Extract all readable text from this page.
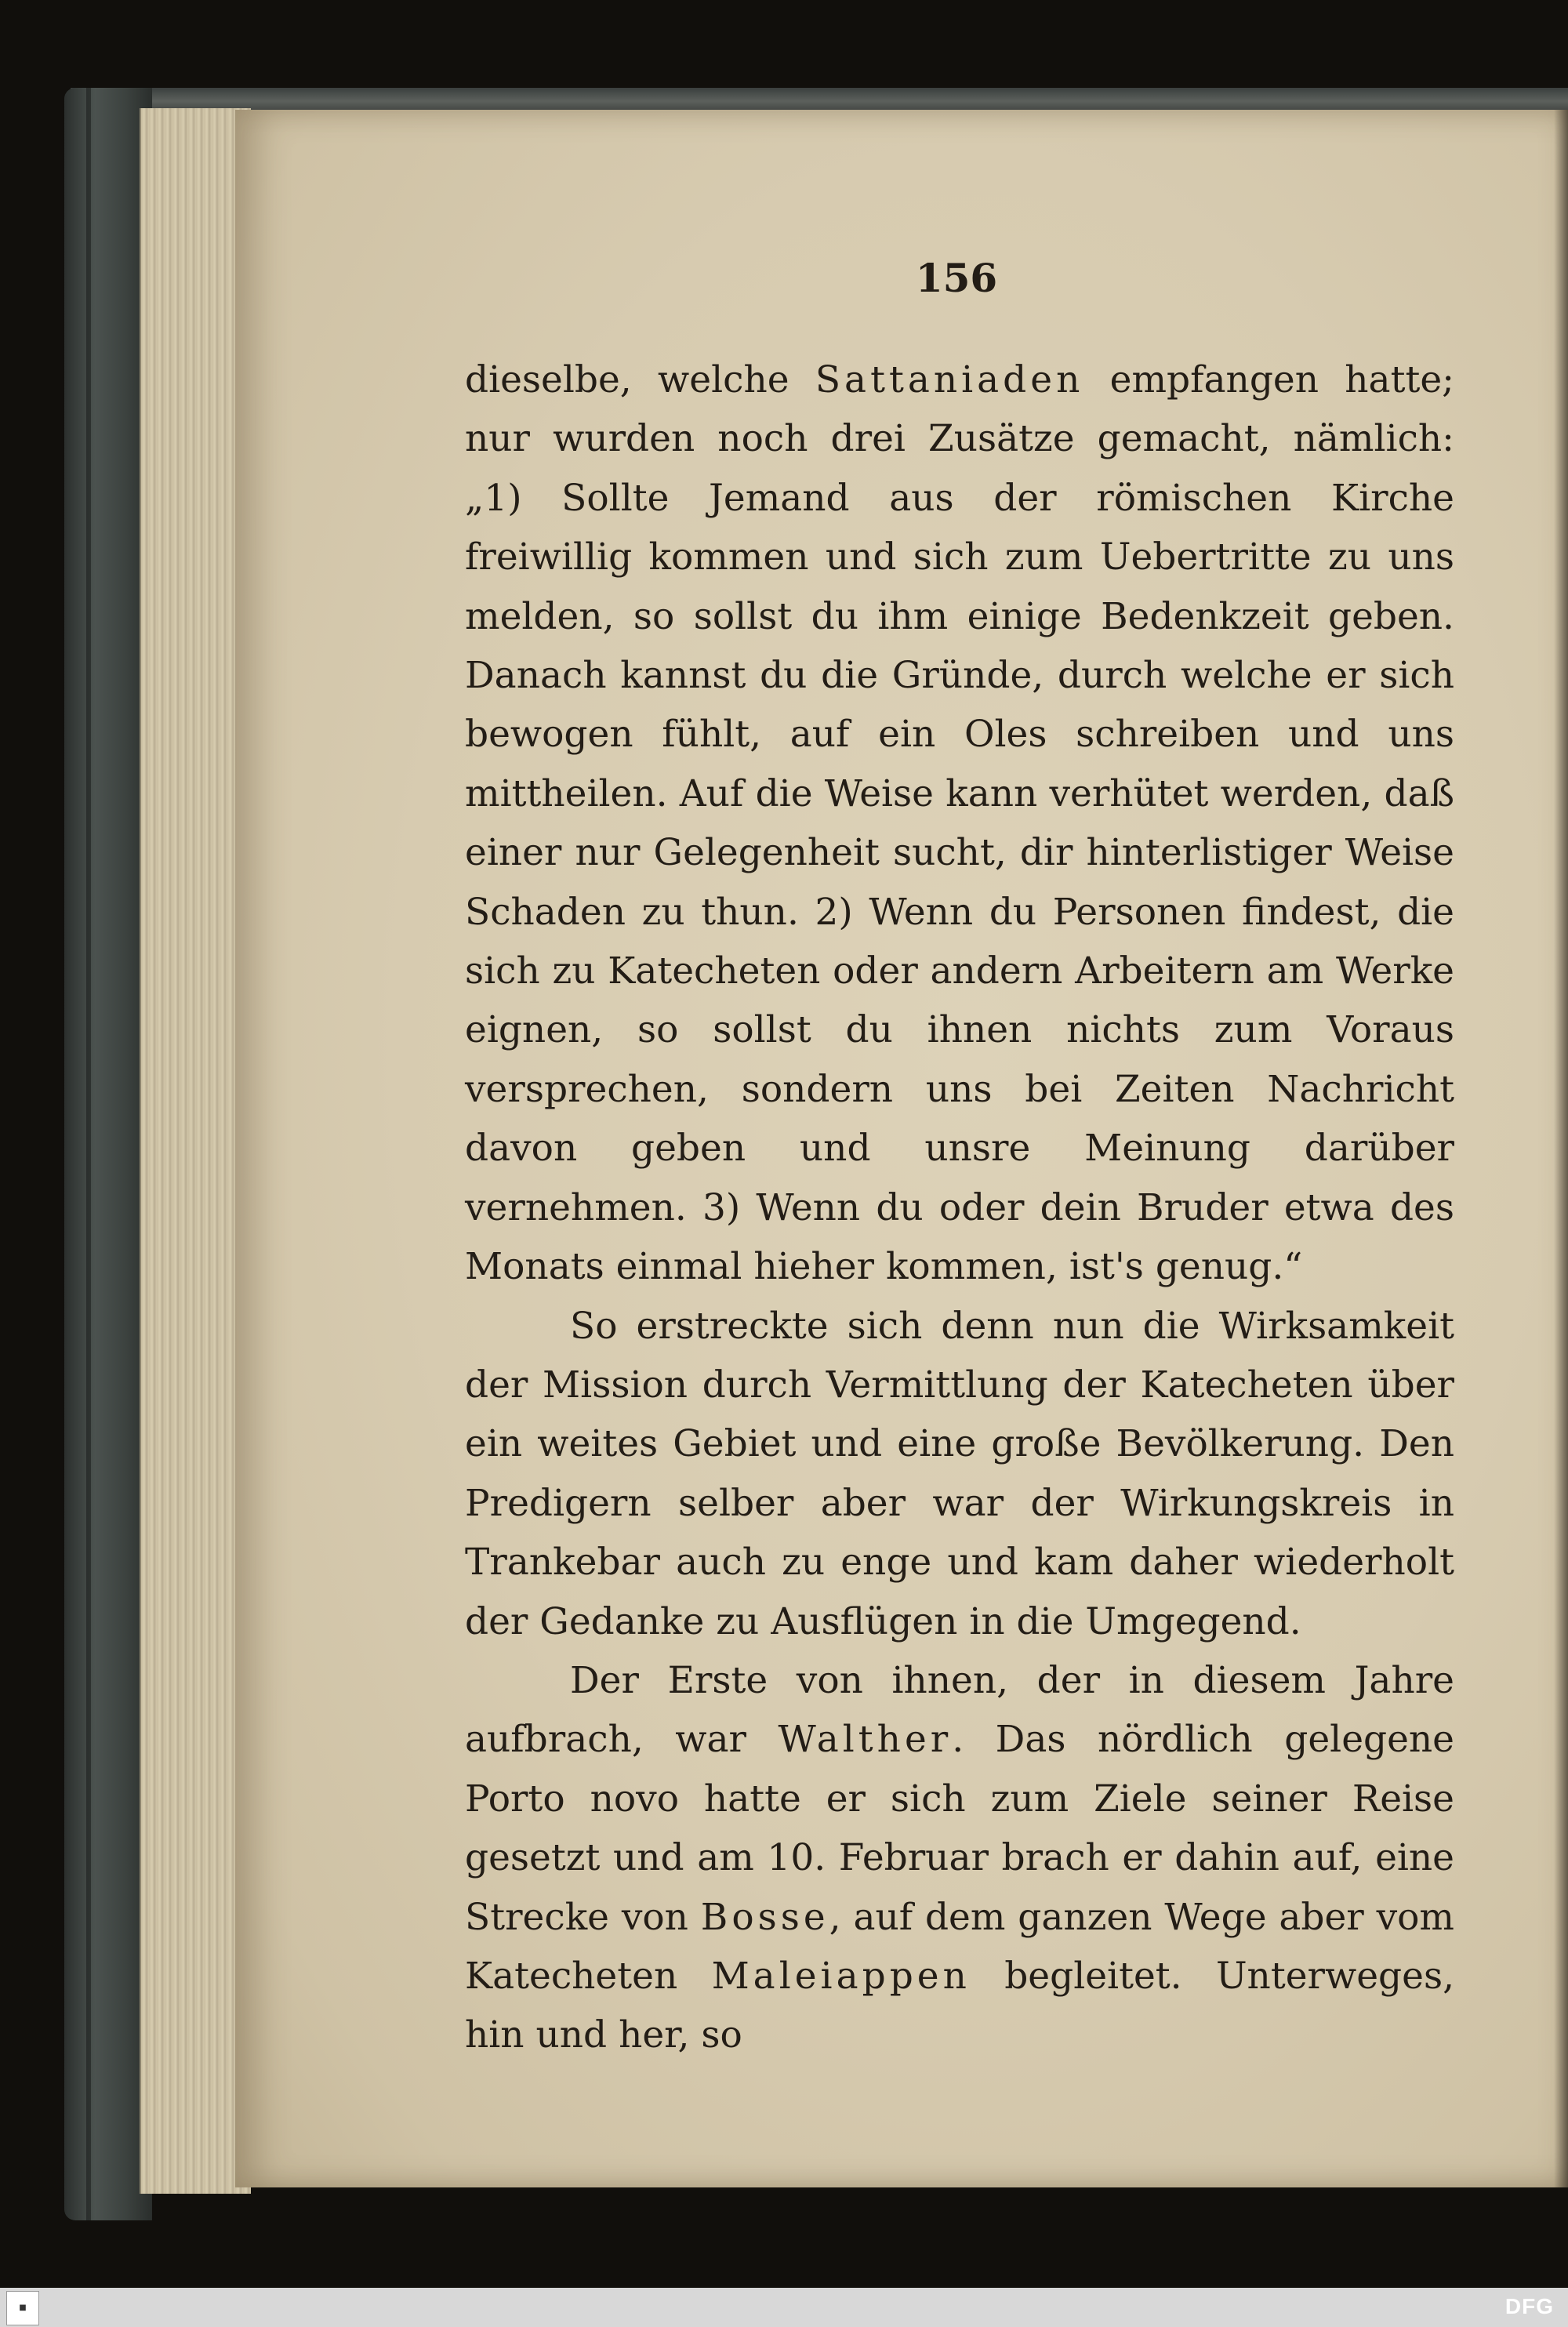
156

dieselbe, welche Sattaniaden empfangen hatte; nur wurden noch drei Zusätze gemacht, nämlich: „1) Sollte Jemand aus der römischen Kirche freiwillig kommen und sich zum Uebertritte zu uns melden, so sollst du ihm einige Bedenkzeit geben. Danach kannst du die Gründe, durch welche er sich bewogen fühlt, auf ein Oles schreiben und uns mittheilen. Auf die Weise kann verhütet werden, daß einer nur Gelegenheit sucht, dir hinterlistiger Weise Schaden zu thun. 2) Wenn du Personen findest, die sich zu Katecheten oder andern Arbeitern am Werke eignen, so sollst du ihnen nichts zum Voraus versprechen, sondern uns bei Zeiten Nachricht davon geben und unsre Meinung darüber vernehmen. 3) Wenn du oder dein Bruder etwa des Monats einmal hieher kommen, ist's genug.“

So erstreckte sich denn nun die Wirksamkeit der Mission durch Vermittlung der Katecheten über ein weites Gebiet und eine große Bevölkerung. Den Predigern selber aber war der Wirkungskreis in Trankebar auch zu enge und kam daher wiederholt der Gedanke zu Ausflügen in die Umgegend.

Der Erste von ihnen, der in diesem Jahre aufbrach, war Walther. Das nördlich gelegene Porto novo hatte er sich zum Ziele seiner Reise gesetzt und am 10. Februar brach er dahin auf, eine Strecke von Bosse, auf dem ganzen Wege aber vom Katecheten Maleiappen begleitet. Unterweges, hin und her, so

■	DFG
